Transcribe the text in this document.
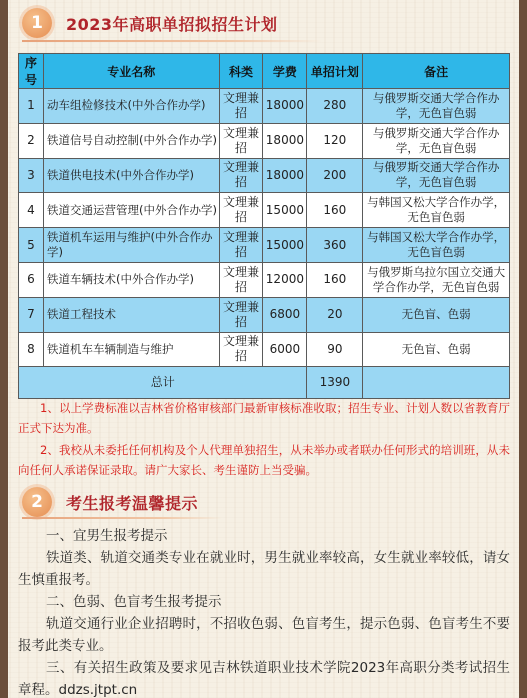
1	2023年高职单招拟招生计划
序号	专业名称	科类	学费	单招计划	备注
1	动车组检修技术(中外合作办学)	文理兼招	18000	280	与俄罗斯交通大学合作办学，无色盲色弱
2	铁道信号自动控制(中外合作办学)	文理兼招	18000	120	与俄罗斯交通大学合作办学，无色盲色弱
3	铁道供电技术(中外合作办学)	文理兼招	18000	200	与俄罗斯交通大学合作办学，无色盲色弱
4	铁道交通运营管理(中外合作办学)	文理兼招	15000	160	与韩国又松大学合作办学，无色盲色弱
5	铁道机车运用与维护(中外合作办学)	文理兼招	15000	360	与韩国又松大学合作办学，无色盲色弱
6	铁道车辆技术(中外合作办学)	文理兼招	12000	160	与俄罗斯乌拉尔国立交通大学合作办学，无色盲色弱
7	铁道工程技术	文理兼招	6800	20	无色盲、色弱
8	铁道机车车辆制造与维护	文理兼招	6000	90	无色盲、色弱
总计				1390	
1、以上学费标准以吉林省价格审核部门最新审核标准收取；招生专业、计划人数以省教育厅正式下达为准。
2、我校从未委托任何机构及个人代理单独招生，从未举办或者联办任何形式的培训班，从未向任何人承诺保证录取。请广大家长、考生谨防上当受骗。
2	考生报考温馨提示
一、宜男生报考提示
铁道类、轨道交通类专业在就业时，男生就业率较高，女生就业率较低，请女生慎重报考。
二、色弱、色盲考生报考提示
轨道交通行业企业招聘时，不招收色弱、色盲考生，提示色弱、色盲考生不要报考此类专业。
三、有关招生政策及要求见吉林铁道职业技术学院2023年高职分类考试招生章程。ddzs.jtpt.cn
